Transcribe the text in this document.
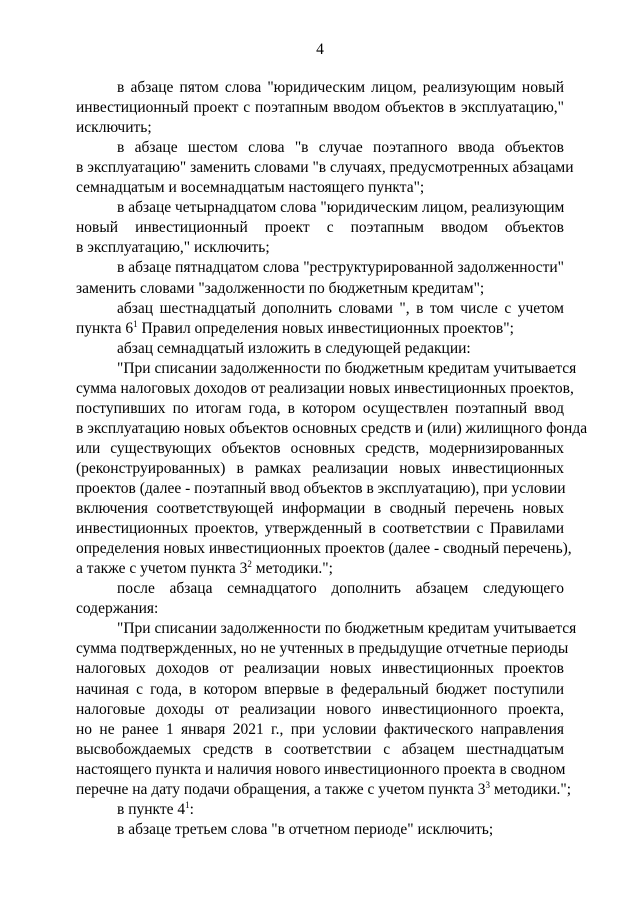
4
в абзаце пятом слова "юридическим лицом, реализующим новый
инвестиционный проект с поэтапным вводом объектов в эксплуатацию,"
исключить;
в абзаце шестом слова "в случае поэтапного ввода объектов
в эксплуатацию" заменить словами "в случаях, предусмотренных абзацами
семнадцатым и восемнадцатым настоящего пункта";
в абзаце четырнадцатом слова "юридическим лицом, реализующим
новый инвестиционный проект с поэтапным вводом объектов
в эксплуатацию," исключить;
в абзаце пятнадцатом слова "реструктурированной задолженности"
заменить словами "задолженности по бюджетным кредитам";
абзац шестнадцатый дополнить словами ", в том числе с учетом
пункта $6^1$ Правил определения новых инвестиционных проектов";
абзац семнадцатый изложить в следующей редакции:
"При списании задолженности по бюджетным кредитам учитывается
сумма налоговых доходов от реализации новых инвестиционных проектов,
поступивших по итогам года, в котором осуществлен поэтапный ввод
в эксплуатацию новых объектов основных средств и (или) жилищного фонда
или существующих объектов основных средств, модернизированных
(реконструированных) в рамках реализации новых инвестиционных
проектов (далее - поэтапный ввод объектов в эксплуатацию), при условии
включения соответствующей информации в сводный перечень новых
инвестиционных проектов, утвержденный в соответствии с Правилами
определения новых инвестиционных проектов (далее - сводный перечень),
а также с учетом пункта $3^2$ методики.";
после абзаца семнадцатого дополнить абзацем следующего
содержания:
"При списании задолженности по бюджетным кредитам учитывается
сумма подтвержденных, но не учтенных в предыдущие отчетные периоды
налоговых доходов от реализации новых инвестиционных проектов
начиная с года, в котором впервые в федеральный бюджет поступили
налоговые доходы от реализации нового инвестиционного проекта,
но не ранее 1 января 2021 г., при условии фактического направления
высвобождаемых средств в соответствии с абзацем шестнадцатым
настоящего пункта и наличия нового инвестиционного проекта в сводном
перечне на дату подачи обращения, а также с учетом пункта $3^3$ методики.";
в пункте $4^1$:
в абзаце третьем слова "в отчетном периоде" исключить;
